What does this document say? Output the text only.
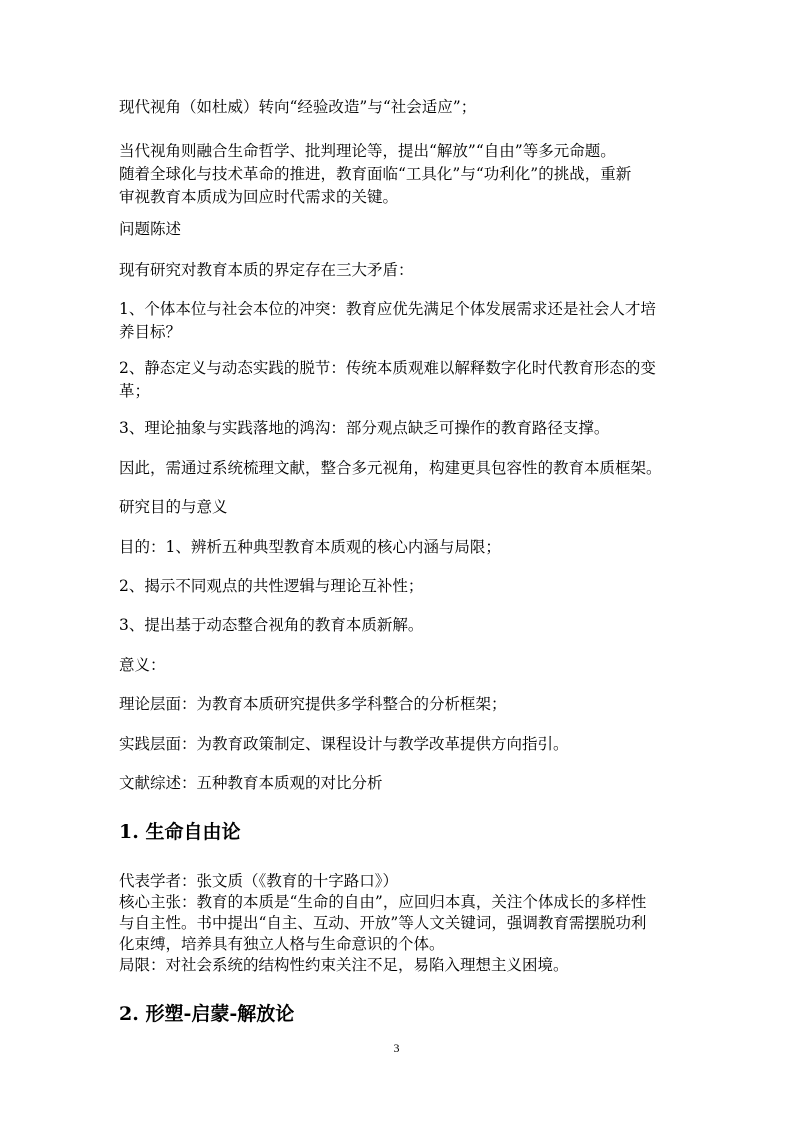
现代视角（如杜威）转向“经验改造”与“社会适应”；

当代视角则融合生命哲学、批判理论等，提出“解放”“自由”等多元命题。

随着全球化与技术革命的推进，教育面临“工具化”与“功利化”的挑战，重新

审视教育本质成为回应时代需求的关键。

问题陈述

现有研究对教育本质的界定存在三大矛盾：

1、个体本位与社会本位的冲突：教育应优先满足个体发展需求还是社会人才培

养目标？

2、静态定义与动态实践的脱节：传统本质观难以解释数字化时代教育形态的变

革；

3、理论抽象与实践落地的鸿沟：部分观点缺乏可操作的教育路径支撑。

因此，需通过系统梳理文献，整合多元视角，构建更具包容性的教育本质框架。

研究目的与意义

目的：1、辨析五种典型教育本质观的核心内涵与局限；

2、揭示不同观点的共性逻辑与理论互补性；

3、提出基于动态整合视角的教育本质新解。

意义：

理论层面：为教育本质研究提供多学科整合的分析框架；

实践层面：为教育政策制定、课程设计与教学改革提供方向指引。

文献综述：五种教育本质观的对比分析

1. 生命自由论

代表学者：张文质（《教育的十字路口》）

核心主张：教育的本质是“生命的自由”，应回归本真，关注个体成长的多样性

与自主性。书中提出“自主、互动、开放”等人文关键词，强调教育需摆脱功利

化束缚，培养具有独立人格与生命意识的个体。

局限：对社会系统的结构性约束关注不足，易陷入理想主义困境。

2. 形塑-启蒙-解放论
3
